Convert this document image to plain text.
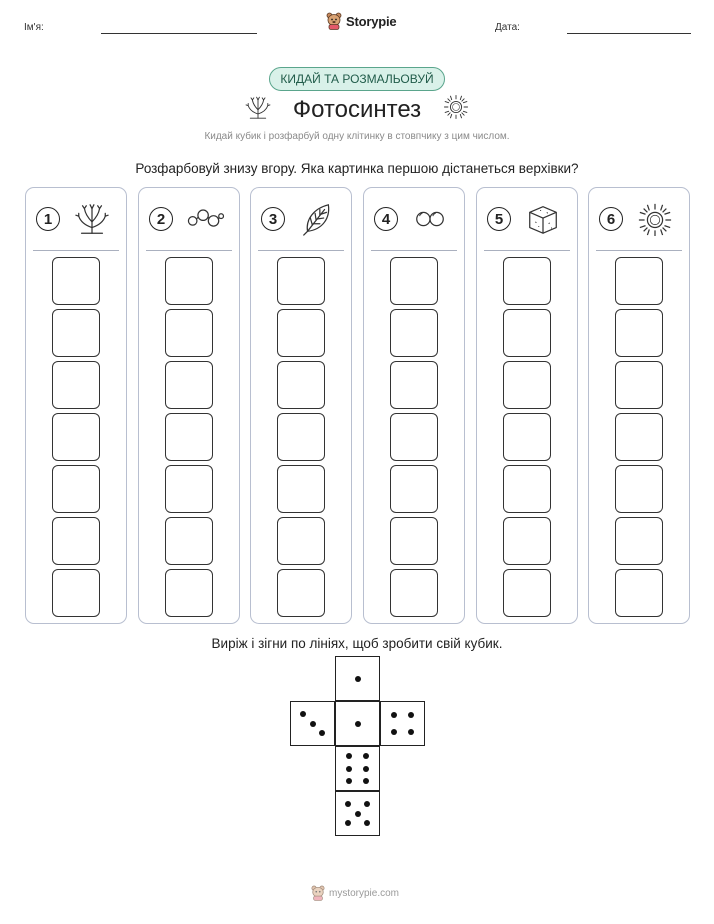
Ім'я:	Storypie	Дата:
КИДАЙ ТА РОЗМАЛЬОВУЙ
Фотосинтез
Кидай кубик і розфарбуй одну клітинку в стовпчику з цим числом.
Розфарбовуй знизу вгору. Яка картинка першою дістанеться верхівки?
1	2	3	4	5	6
Виріж і зігни по лініях, щоб зробити свій кубик.
mystorypie.com
